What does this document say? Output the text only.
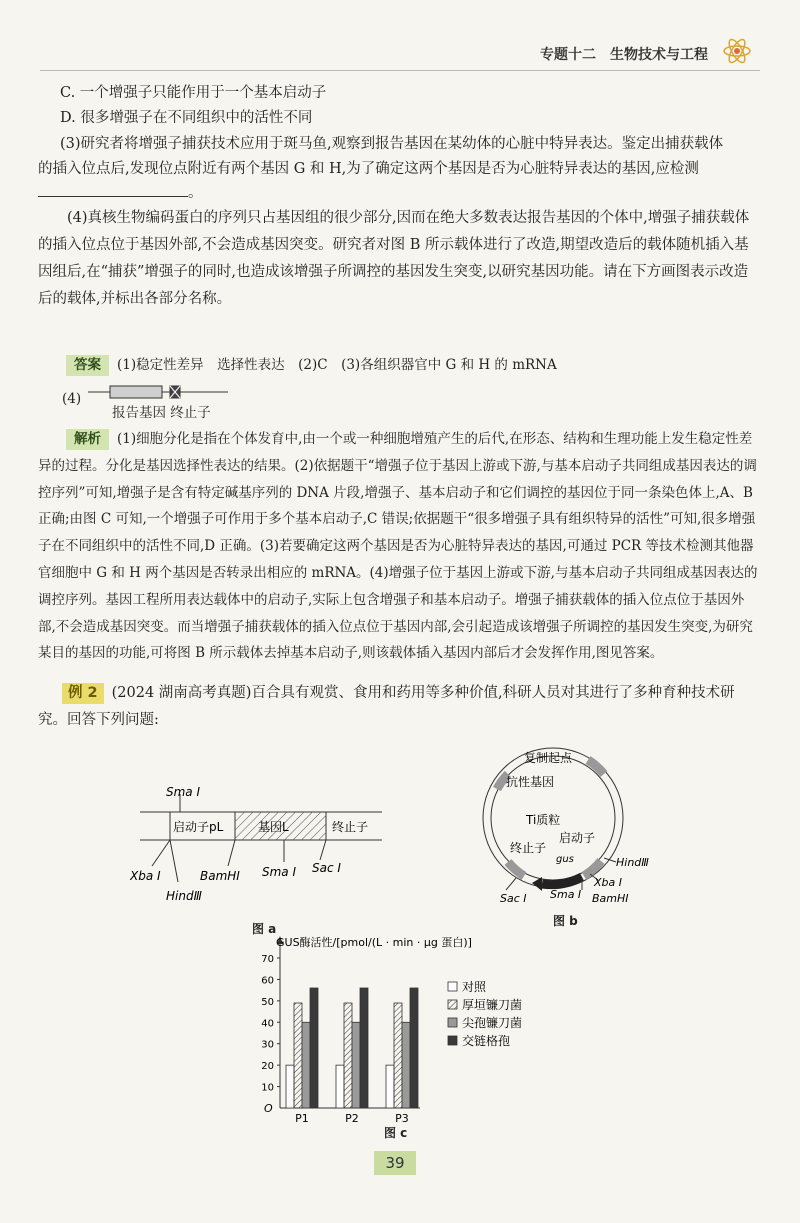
专题十二　生物技术与工程
C. 一个增强子只能作用于一个基本启动子
D. 很多增强子在不同组织中的活性不同
(3)研究者将增强子捕获技术应用于斑马鱼,观察到报告基因在某幼体的心脏中特异表达。鉴定出捕获载体
的插入位点后,发现位点附近有两个基因 G 和 H,为了确定这两个基因是否为心脏特异表达的基因,应检测
。
(4)真核生物编码蛋白的序列只占基因组的很少部分,因而在绝大多数表达报告基因的个体中,增强子捕获载体的插入位点位于基因外部,不会造成基因突变。研究者对图 B 所示载体进行了改造,期望改造后的载体随机插入基因组后,在“捕获”增强子的同时,也造成该增强子所调控的基因发生突变,以研究基因功能。请在下方画图表示改造后的载体,并标出各部分名称。
答案 (1)稳定性差异　选择性表达　(2)C　(3)各组织器官中 G 和 H 的 mRNA
(4)
报告基因 终止子
解析 (1)细胞分化是指在个体发育中,由一个或一种细胞增殖产生的后代,在形态、结构和生理功能上发生稳定性差异的过程。分化是基因选择性表达的结果。(2)依据题干“增强子位于基因上游或下游,与基本启动子共同组成基因表达的调控序列”可知,增强子是含有特定碱基序列的 DNA 片段,增强子、基本启动子和它们调控的基因位于同一条染色体上,A、B 正确;由图 C 可知,一个增强子可作用于多个基本启动子,C 错误;依据题干“很多增强子具有组织特异的活性”可知,很多增强子在不同组织中的活性不同,D 正确。(3)若要确定这两个基因是否为心脏特异表达的基因,可通过 PCR 等技术检测其他器官细胞中 G 和 H 两个基因是否转录出相应的 mRNA。(4)增强子位于基因上游或下游,与基本启动子共同组成基因表达的调控序列。基因工程所用表达载体中的启动子,实际上包含增强子和基本启动子。增强子捕获载体的插入位点位于基因外部,不会造成基因突变。而当增强子捕获载体的插入位点位于基因内部,会引起造成该增强子所调控的基因发生突变,为研究某目的基因的功能,可将图 B 所示载体去掉基本启动子,则该载体插入基因内部后才会发挥作用,图见答案。
例 2 (2024 湖南高考真题)百合具有观赏、食用和药用等多种价值,科研人员对其进行了多种育种技术研究。回答下列问题:
Sma Ⅰ
启动子pL	基因L	终止子
Xba Ⅰ
HindⅢ
BamHⅠ Sma Ⅰ Sac Ⅰ
图 a
复制起点
抗性基因
Ti质粒
启动子
终止子
gus	HindⅢ
Xba Ⅰ
Sma Ⅰ BamHⅠ
Sac Ⅰ
图 b
GUS酶活性/[pmol/(L · min · μg 蛋白)]
O
10
20
30
40
50
60
70
P1	P2	P3
对照
厚垣镰刀菌
尖孢镰刀菌
交链格孢
图 c
39
